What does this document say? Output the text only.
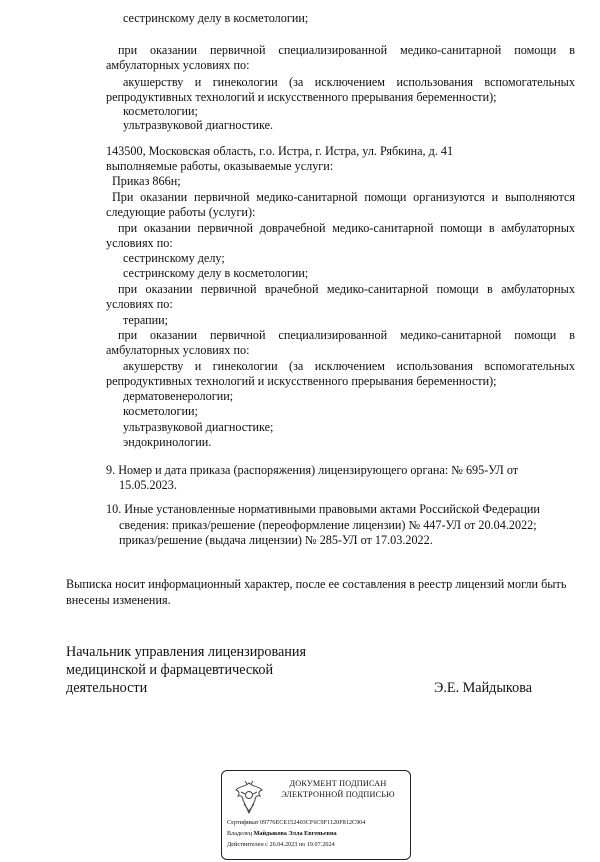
сестринскому делу в косметологии;
при оказании первичной специализированной медико-санитарной помощи в
амбулаторных условиях по:
акушерству и гинекологии (за исключением использования вспомогательных
репродуктивных технологий и искусственного прерывания беременности);
косметологии;
ультразвуковой диагностике.
143500, Московская область, г.о. Истра, г. Истра, ул. Рябкина, д. 41
выполняемые работы, оказываемые услуги:
Приказ 866н;
При оказании первичной медико-санитарной помощи организуются и выполняются
следующие работы (услуги):
при оказании первичной доврачебной медико-санитарной помощи в амбулаторных
условиях по:
сестринскому делу;
сестринскому делу в косметологии;
при оказании первичной врачебной медико-санитарной помощи в амбулаторных
условиях по:
терапии;
при оказании первичной специализированной медико-санитарной помощи в
амбулаторных условиях по:
акушерству и гинекологии (за исключением использования вспомогательных
репродуктивных технологий и искусственного прерывания беременности);
дерматовенерологии;
косметологии;
ультразвуковой диагностике;
эндокринологии.
9. Номер и дата приказа (распоряжения) лицензирующего органа: № 695-УЛ от
15.05.2023.
10. Иные установленные нормативными правовыми актами Российской Федерации
сведения: приказ/решение (переоформление лицензии) № 447-УЛ от 20.04.2022;
приказ/решение (выдача лицензии) № 285-УЛ от 17.03.2022.
Выписка носит информационный характер, после ее составления в реестр лицензий могли быть
внесены изменения.
Начальник управления лицензирования
медицинской и фармацевтической
деятельности	Э.Е. Майдыкова
ДОКУМЕНТ ПОДПИСАН
ЭЛЕКТРОННОЙ ПОДПИСЬЮ
Сертификат 09776ECE152403CF6C9F1120F812C904
Владелец Майдыкова Элла Евгеньевна
Действителен с 26.04.2023 по 19.07.2024
